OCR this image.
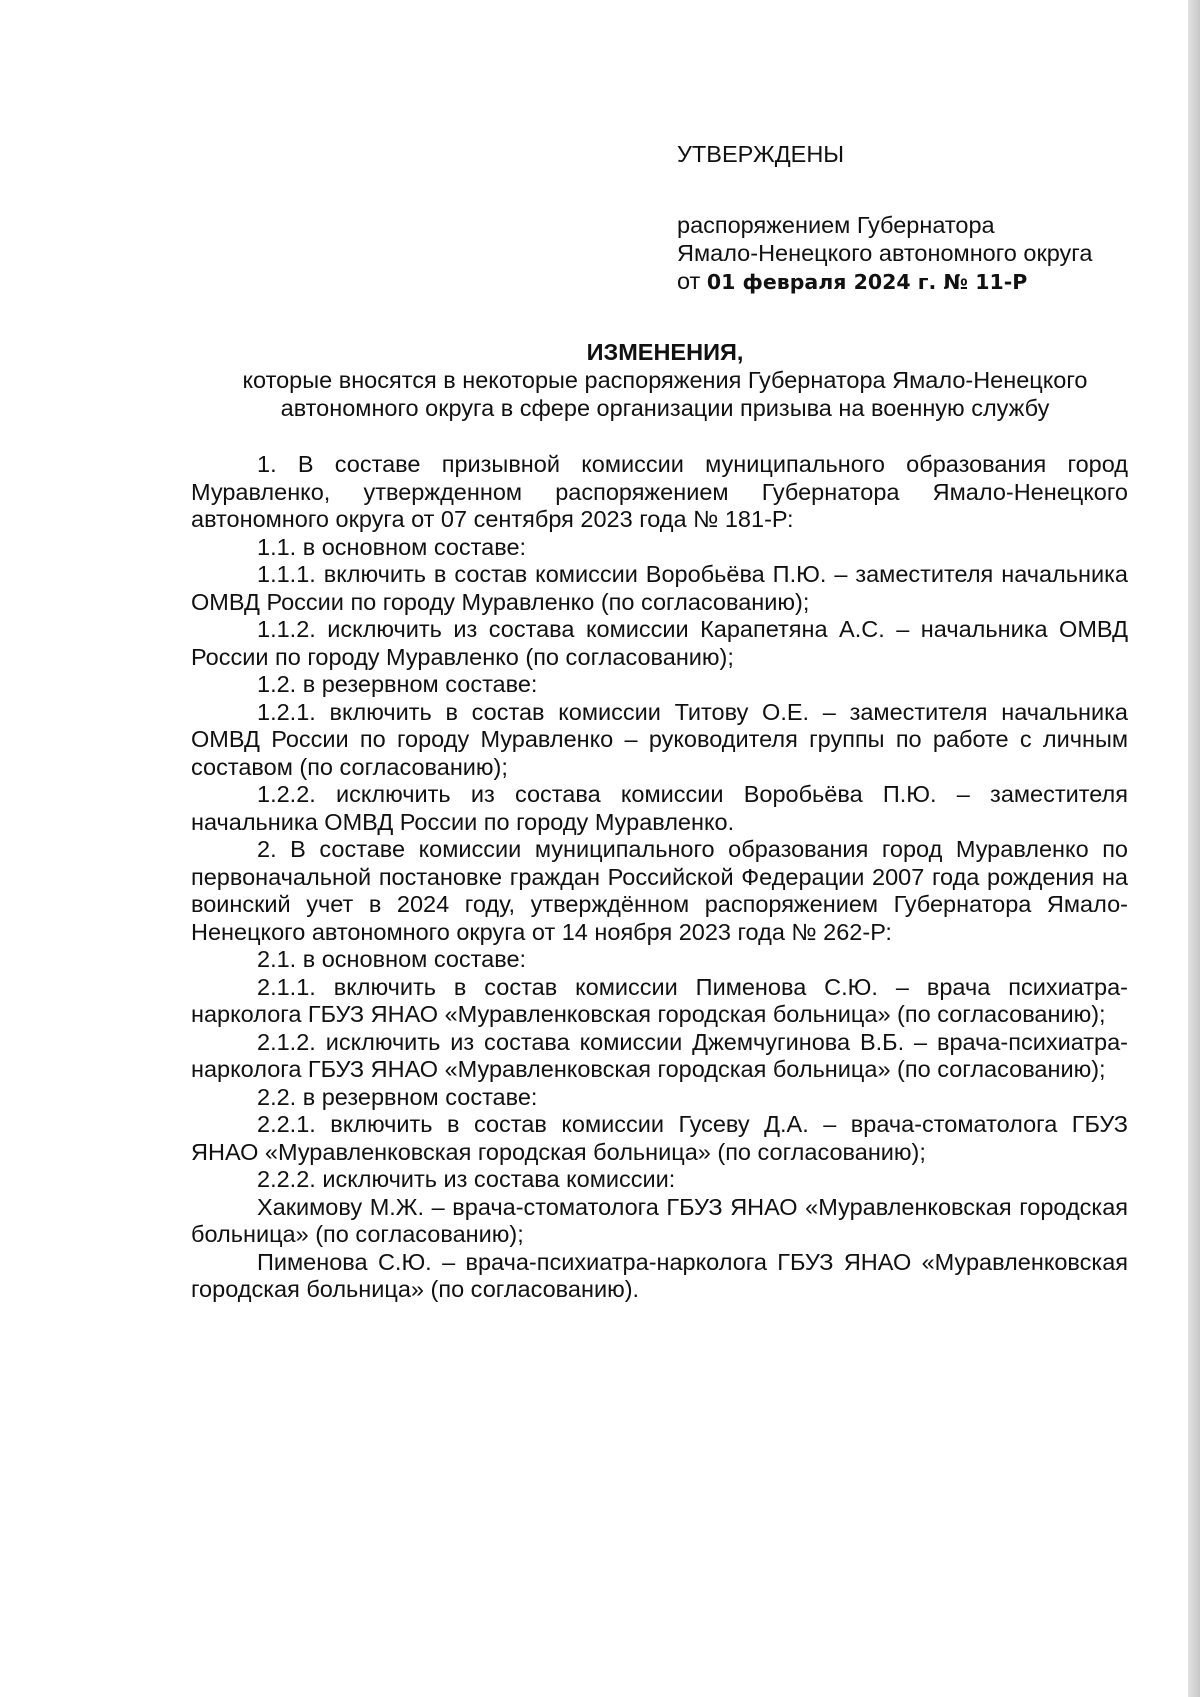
УТВЕРЖДЕНЫ
распоряжением Губернатора
Ямало-Ненецкого автономного округа
от 01 февраля 2024 г. № 11-Р
ИЗМЕНЕНИЯ,
которые вносятся в некоторые распоряжения Губернатора Ямало-Ненецкого
автономного округа в сфере организации призыва на военную службу

1. В составе призывной комиссии муниципального образования город Муравленко, утвержденном распоряжением Губернатора Ямало-Ненецкого автономного округа от 07 сентября 2023 года № 181-Р:

1.1. в основном составе:

1.1.1. включить в состав комиссии Воробьёва П.Ю. – заместителя начальника ОМВД России по городу Муравленко (по согласованию);

1.1.2. исключить из состава комиссии Карапетяна А.С. – начальника ОМВД России по городу Муравленко (по согласованию);

1.2. в резервном составе:

1.2.1. включить в состав комиссии Титову О.Е. – заместителя начальника ОМВД России по городу Муравленко – руководителя группы по работе с личным составом (по согласованию);

1.2.2. исключить из состава комиссии Воробьёва П.Ю. – заместителя начальника ОМВД России по городу Муравленко.

2. В составе комиссии муниципального образования город Муравленко по первоначальной постановке граждан Российской Федерации 2007 года рождения на воинский учет в 2024 году, утверждённом распоряжением Губернатора Ямало-Ненецкого автономного округа от 14 ноября 2023 года № 262-Р:

2.1. в основном составе:

2.1.1. включить в состав комиссии Пименова С.Ю. – врача психиатра-нарколога ГБУЗ ЯНАО «Муравленковская городская больница» (по согласованию);

2.1.2. исключить из состава комиссии Джемчугинова В.Б. – врача-психиатра-нарколога ГБУЗ ЯНАО «Муравленковская городская больница» (по согласованию);

2.2. в резервном составе:

2.2.1. включить в состав комиссии Гусеву Д.А. – врача-стоматолога ГБУЗ ЯНАО «Муравленковская городская больница» (по согласованию);

2.2.2. исключить из состава комиссии:

Хакимову М.Ж. – врача-стоматолога ГБУЗ ЯНАО «Муравленковская городская больница» (по согласованию);

Пименова С.Ю. – врача-психиатра-нарколога ГБУЗ ЯНАО «Муравленковская городская больница» (по согласованию).
